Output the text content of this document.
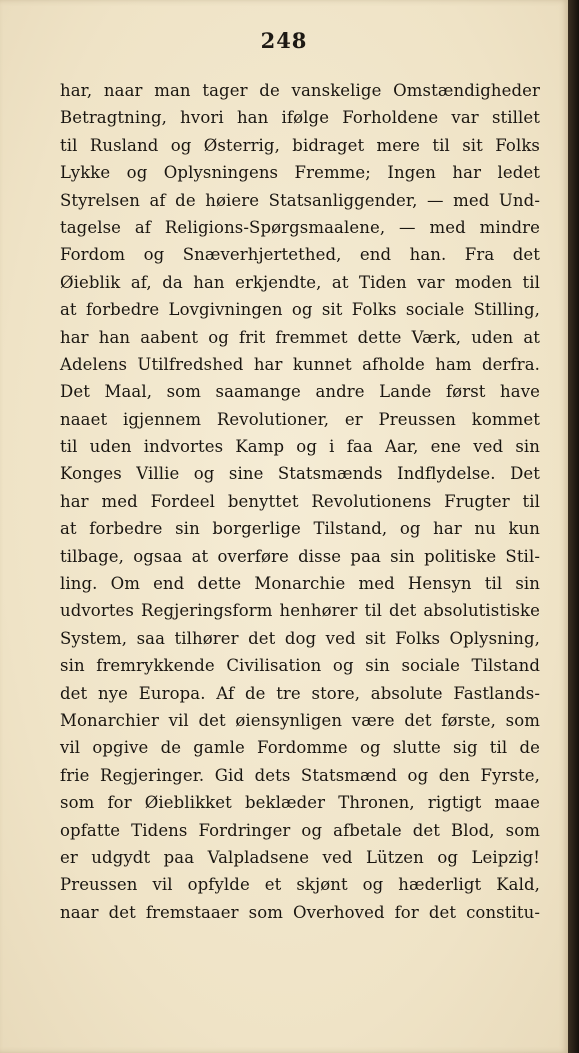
248
har, naar man tager de vanskelige Omstændigheder
Betragtning, hvori han ifølge Forholdene var stillet
til Rusland og Østerrig, bidraget mere til sit Folks
Lykke og Oplysningens Fremme; Ingen har ledet
Styrelsen af de høiere Statsanliggender, — med Und-
tagelse af Religions-Spørgsmaalene, — med mindre
Fordom og Snæverhjertethed, end han. Fra det
Øieblik af, da han erkjendte, at Tiden var moden til
at forbedre Lovgivningen og sit Folks sociale Stilling,
har han aabent og frit fremmet dette Værk, uden at
Adelens Utilfredshed har kunnet afholde ham derfra.
Det Maal, som saamange andre Lande først have
naaet igjennem Revolutioner, er Preussen kommet
til uden indvortes Kamp og i faa Aar, ene ved sin
Konges Villie og sine Statsmænds Indflydelse. Det
har med Fordeel benyttet Revolutionens Frugter til
at forbedre sin borgerlige Tilstand, og har nu kun
tilbage, ogsaa at overføre disse paa sin politiske Stil-
ling. Om end dette Monarchie med Hensyn til sin
udvortes Regjeringsform henhører til det absolutistiske
System, saa tilhører det dog ved sit Folks Oplysning,
sin fremrykkende Civilisation og sin sociale Tilstand
det nye Europa. Af de tre store, absolute Fastlands-
Monarchier vil det øiensynligen være det første, som
vil opgive de gamle Fordomme og slutte sig til de
frie Regjeringer. Gid dets Statsmænd og den Fyrste,
som for Øieblikket beklæder Thronen, rigtigt maae
opfatte Tidens Fordringer og afbetale det Blod, som
er udgydt paa Valpladsene ved Lützen og Leipzig!
Preussen vil opfylde et skjønt og hæderligt Kald,
naar det fremstaaer som Overhoved for det constitu-
